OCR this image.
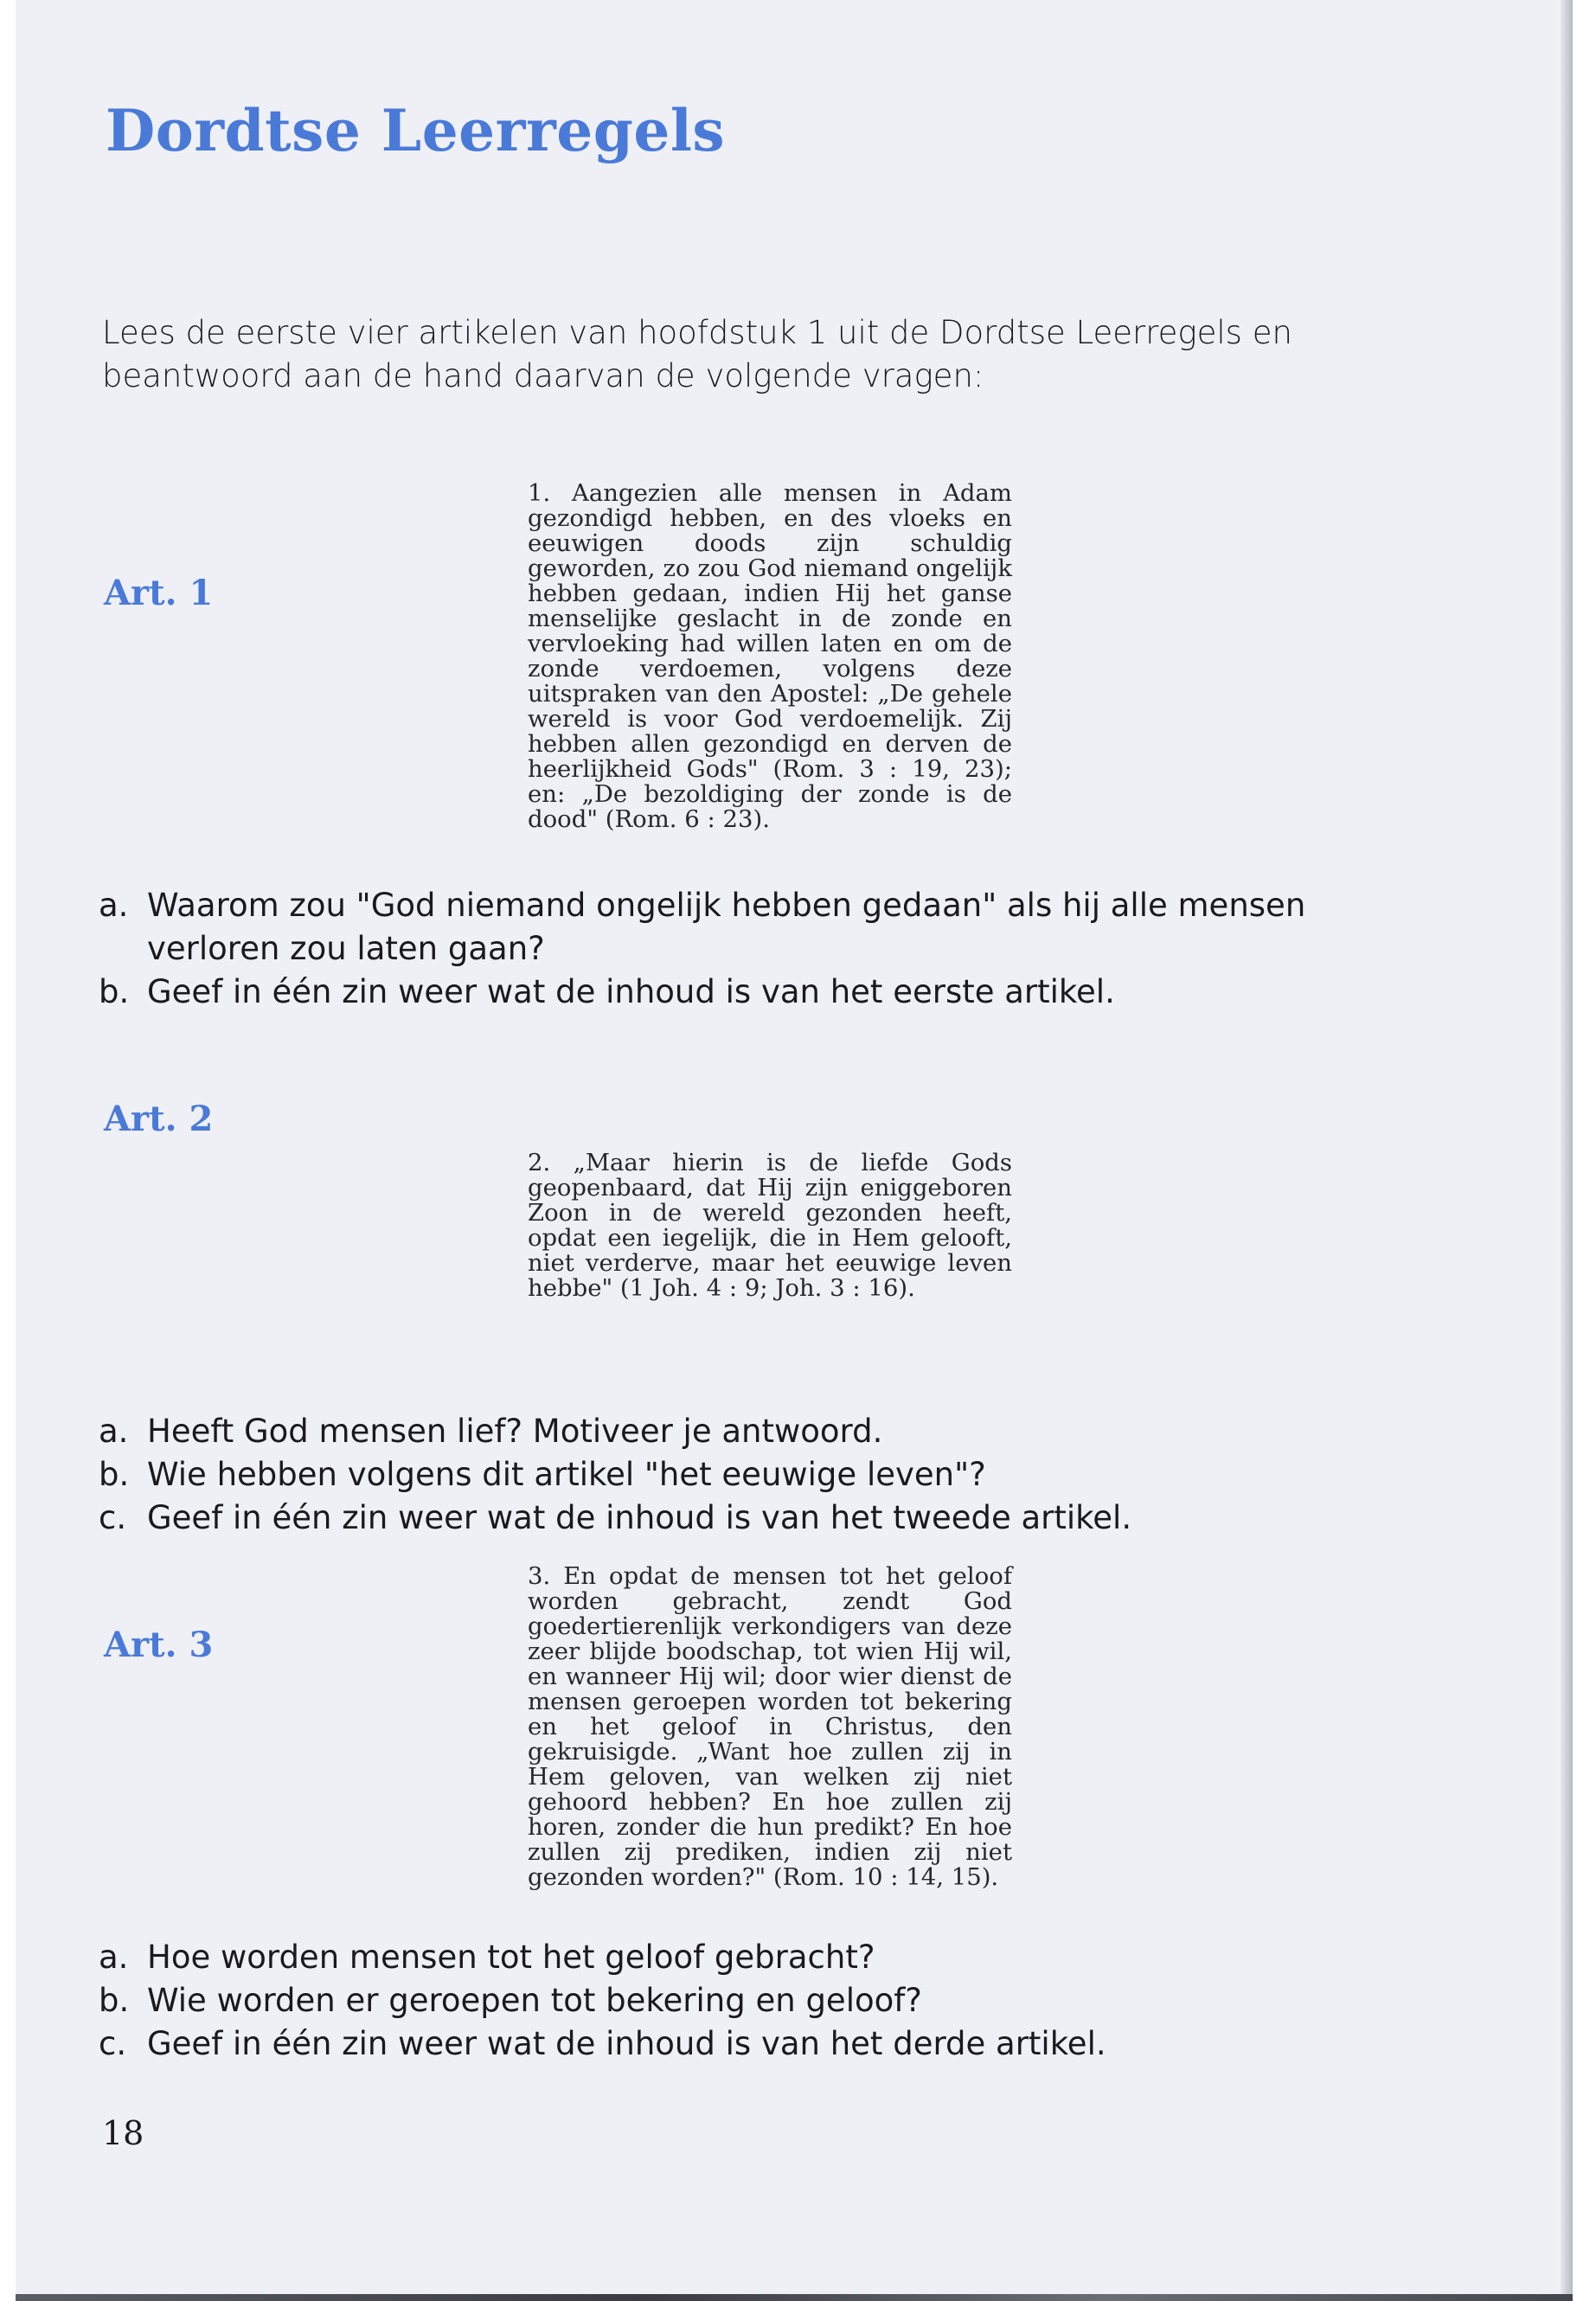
Dordtse Leerregels

Lees de eerste vier artikelen van hoofdstuk 1 uit de Dordtse Leerregels en beantwoord aan de hand daarvan de volgende vragen:

Art. 1

1. Aangezien alle mensen in Adam gezondigd hebben, en des vloeks en eeuwigen doods zijn schuldig geworden, zo zou God niemand ongelijk hebben gedaan, indien Hij het ganse menselijke geslacht in de zonde en vervloeking had willen laten en om de zonde verdoemen, volgens deze uitspraken van den Apostel: „De gehele wereld is voor God verdoemelijk. Zij hebben allen gezondigd en derven de heerlijkheid Gods" (Rom. 3 : 19, 23); en: „De bezoldiging der zonde is de dood" (Rom. 6 : 23).

a. Waarom zou "God niemand ongelijk hebben gedaan" als hij alle mensen verloren zou laten gaan?
b. Geef in één zin weer wat de inhoud is van het eerste artikel.
Art. 2

2. „Maar hierin is de liefde Gods geopenbaard, dat Hij zijn eniggeboren Zoon in de wereld gezonden heeft, opdat een iegelijk, die in Hem gelooft, niet verderve, maar het eeuwige leven hebbe" (1 Joh. 4 : 9; Joh. 3 : 16).

a. Heeft God mensen lief? Motiveer je antwoord.
b. Wie hebben volgens dit artikel "het eeuwige leven"?
c. Geef in één zin weer wat de inhoud is van het tweede artikel.
Art. 3

3. En opdat de mensen tot het geloof worden gebracht, zendt God goedertierenlijk verkondigers van deze zeer blijde boodschap, tot wien Hij wil, en wanneer Hij wil; door wier dienst de mensen geroepen worden tot bekering en het geloof in Christus, den gekruisigde. „Want hoe zullen zij in Hem geloven, van welken zij niet gehoord hebben? En hoe zullen zij horen, zonder die hun predikt? En hoe zullen zij prediken, indien zij niet gezonden worden?" (Rom. 10 : 14, 15).

a. Hoe worden mensen tot het geloof gebracht?
b. Wie worden er geroepen tot bekering en geloof?
c. Geef in één zin weer wat de inhoud is van het derde artikel.
18
